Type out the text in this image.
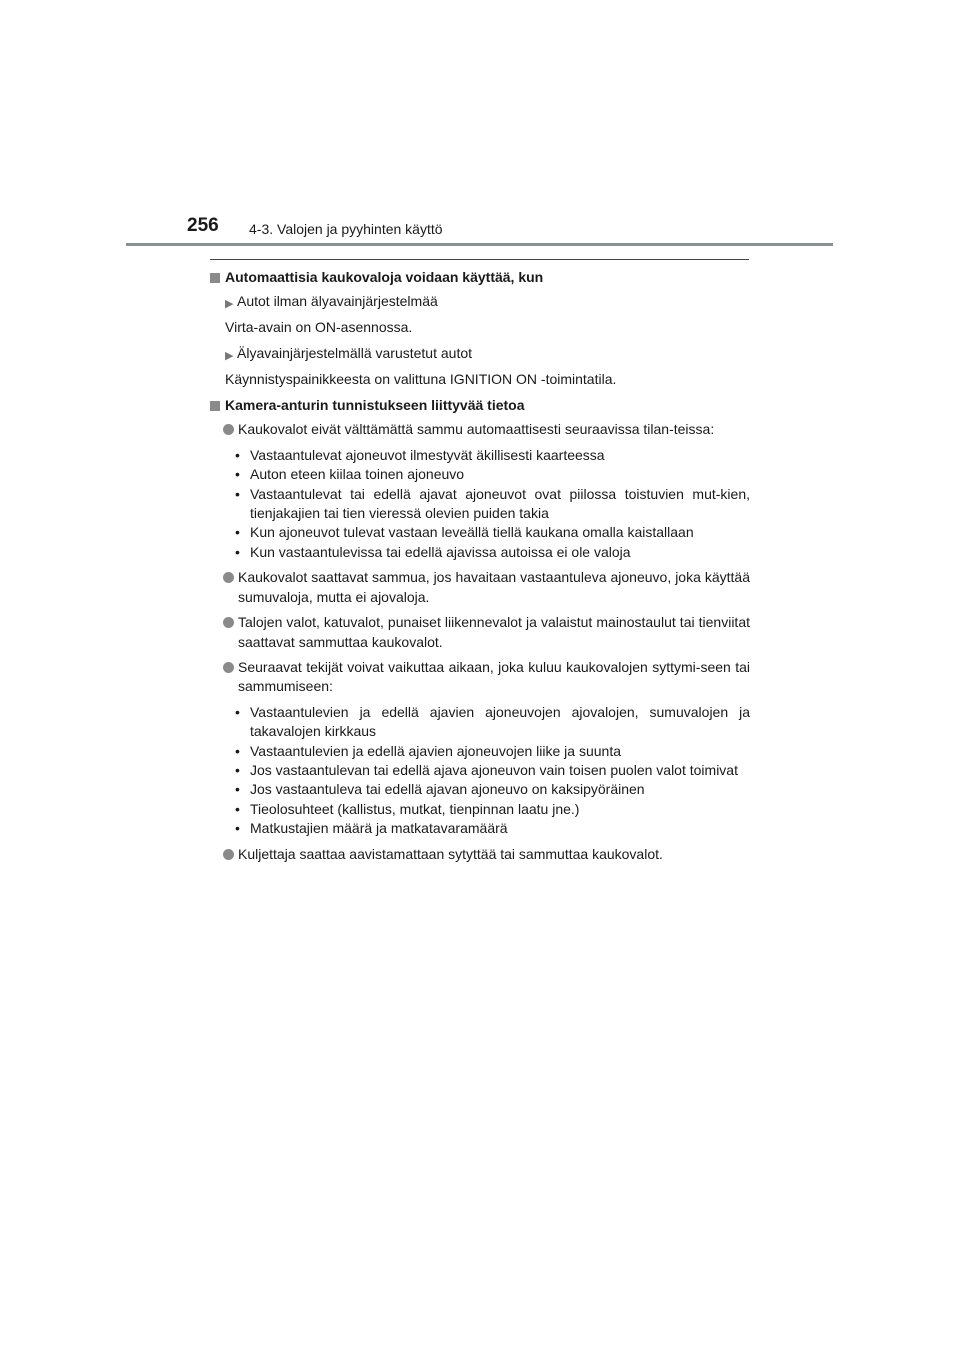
256 4-3. Valojen ja pyyhinten käyttö
Automaattisia kaukovaloja voidaan käyttää, kun
▶ Autot ilman älyavainjärjestelmää
Virta-avain on ON-asennossa.
▶ Älyavainjärjestelmällä varustetut autot
Käynnistyspainikkeesta on valittuna IGNITION ON -toimintatila.
Kamera-anturin tunnistukseen liittyvää tietoa
Kaukovalot eivät välttämättä sammu automaattisesti seuraavissa tilan-teissa:
• Vastaantulevat ajoneuvot ilmestyvät äkillisesti kaarteessa
• Auton eteen kiilaa toinen ajoneuvo
• Vastaantulevat tai edellä ajavat ajoneuvot ovat piilossa toistuvien mut-kien, tienjakajien tai tien vieressä olevien puiden takia
• Kun ajoneuvot tulevat vastaan leveällä tiellä kaukana omalla kaistallaan
• Kun vastaantulevissa tai edellä ajavissa autoissa ei ole valoja
Kaukovalot saattavat sammua, jos havaitaan vastaantuleva ajoneuvo, joka käyttää sumuvaloja, mutta ei ajovaloja.
Talojen valot, katuvalot, punaiset liikennevalot ja valaistut mainostaulut tai tienviitat saattavat sammuttaa kaukovalot.
Seuraavat tekijät voivat vaikuttaa aikaan, joka kuluu kaukovalojen syttymi-seen tai sammumiseen:
• Vastaantulevien ja edellä ajavien ajoneuvojen ajovalojen, sumuvalojen ja takavalojen kirkkaus
• Vastaantulevien ja edellä ajavien ajoneuvojen liike ja suunta
• Jos vastaantulevan tai edellä ajava ajoneuvon vain toisen puolen valot toimivat
• Jos vastaantuleva tai edellä ajavan ajoneuvo on kaksipyöräinen
• Tieolosuhteet (kallistus, mutkat, tienpinnan laatu jne.)
• Matkustajien määrä ja matkatavaramäärä
Kuljettaja saattaa aavistamattaan sytyttää tai sammuttaa kaukovalot.
